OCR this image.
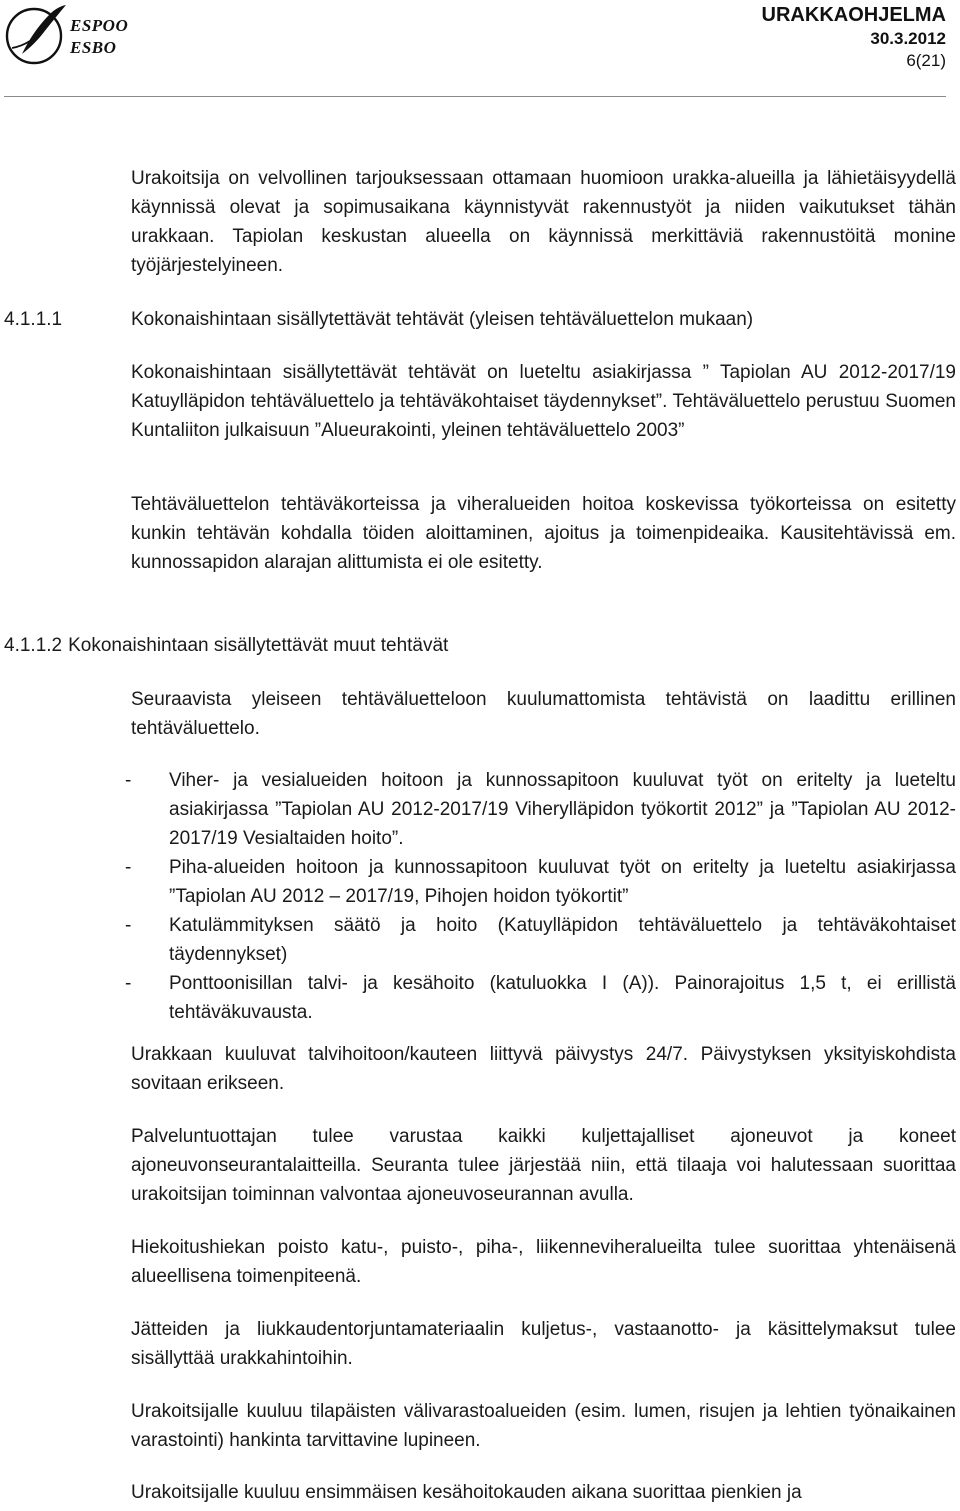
ESPOO
ESBO
URAKKAOHJELMA
30.3.2012
6(21)

Urakoitsija on velvollinen tarjouksessaan ottamaan huomioon urakka-alueilla ja lähietäisyydellä käynnissä olevat ja sopimusaikana käynnistyvät rakennustyöt ja niiden vaikutukset tähän urakkaan. Tapiolan keskustan alueella on käynnissä merkittäviä rakennustöitä monine työjärjestelyineen.

4.1.1.1	Kokonaishintaan sisällytettävät tehtävät (yleisen tehtäväluettelon mukaan)

Kokonaishintaan sisällytettävät tehtävät on lueteltu asiakirjassa ” Tapiolan AU 2012-2017/19 Katuylläpidon tehtäväluettelo ja tehtäväkohtaiset täydennykset”. Tehtäväluettelo perustuu Suomen Kuntaliiton julkaisuun ”Alueurakointi, yleinen tehtäväluettelo 2003”

Tehtäväluettelon tehtäväkorteissa ja viheralueiden hoitoa koskevissa työkorteissa on esitetty kunkin tehtävän kohdalla töiden aloittaminen, ajoitus ja toimenpideaika. Kausitehtävissä em. kunnossapidon alarajan alittumista ei ole esitetty.

4.1.1.2 Kokonaishintaan sisällytettävät muut tehtävät

Seuraavista yleiseen tehtäväluetteloon kuulumattomista tehtävistä on laadittu erillinen tehtäväluettelo.

- Viher- ja vesialueiden hoitoon ja kunnossapitoon kuuluvat työt on eritelty ja lueteltu asiakirjassa ”Tapiolan AU 2012-2017/19 Viherylläpidon työkortit 2012” ja ”Tapiolan AU 2012-2017/19 Vesialtaiden hoito”.
- Piha-alueiden hoitoon ja kunnossapitoon kuuluvat työt on eritelty ja lueteltu asiakirjassa ”Tapiolan AU 2012 – 2017/19, Pihojen hoidon työkortit”
- Katulämmityksen säätö ja hoito (Katuylläpidon tehtäväluettelo ja tehtäväkohtaiset täydennykset)
- Ponttoonisillan talvi- ja kesähoito (katuluokka I (A)). Painorajoitus 1,5 t, ei erillistä tehtäväkuvausta.

Urakkaan kuuluvat talvihoitoon/kauteen liittyvä päivystys 24/7. Päivystyksen yksityiskohdista sovitaan erikseen.

Palveluntuottajan tulee varustaa kaikki kuljettajalliset ajoneuvot ja koneet ajoneuvonseurantalaitteilla. Seuranta tulee järjestää niin, että tilaaja voi halutessaan suorittaa urakoitsijan toiminnan valvontaa ajoneuvoseurannan avulla.

Hiekoitushiekan poisto katu-, puisto-, piha-, liikenneviheralueilta tulee suorittaa yhtenäisenä alueellisena toimenpiteenä.

Jätteiden ja liukkaudentorjuntamateriaalin kuljetus-, vastaanotto- ja käsittelymaksut tulee sisällyttää urakkahintoihin.

Urakoitsijalle kuuluu tilapäisten välivarastoalueiden (esim. lumen, risujen ja lehtien työnaikainen varastointi) hankinta tarvittavine lupineen.

Urakoitsijalle kuuluu ensimmäisen kesähoitokauden aikana suorittaa pienkien ja
